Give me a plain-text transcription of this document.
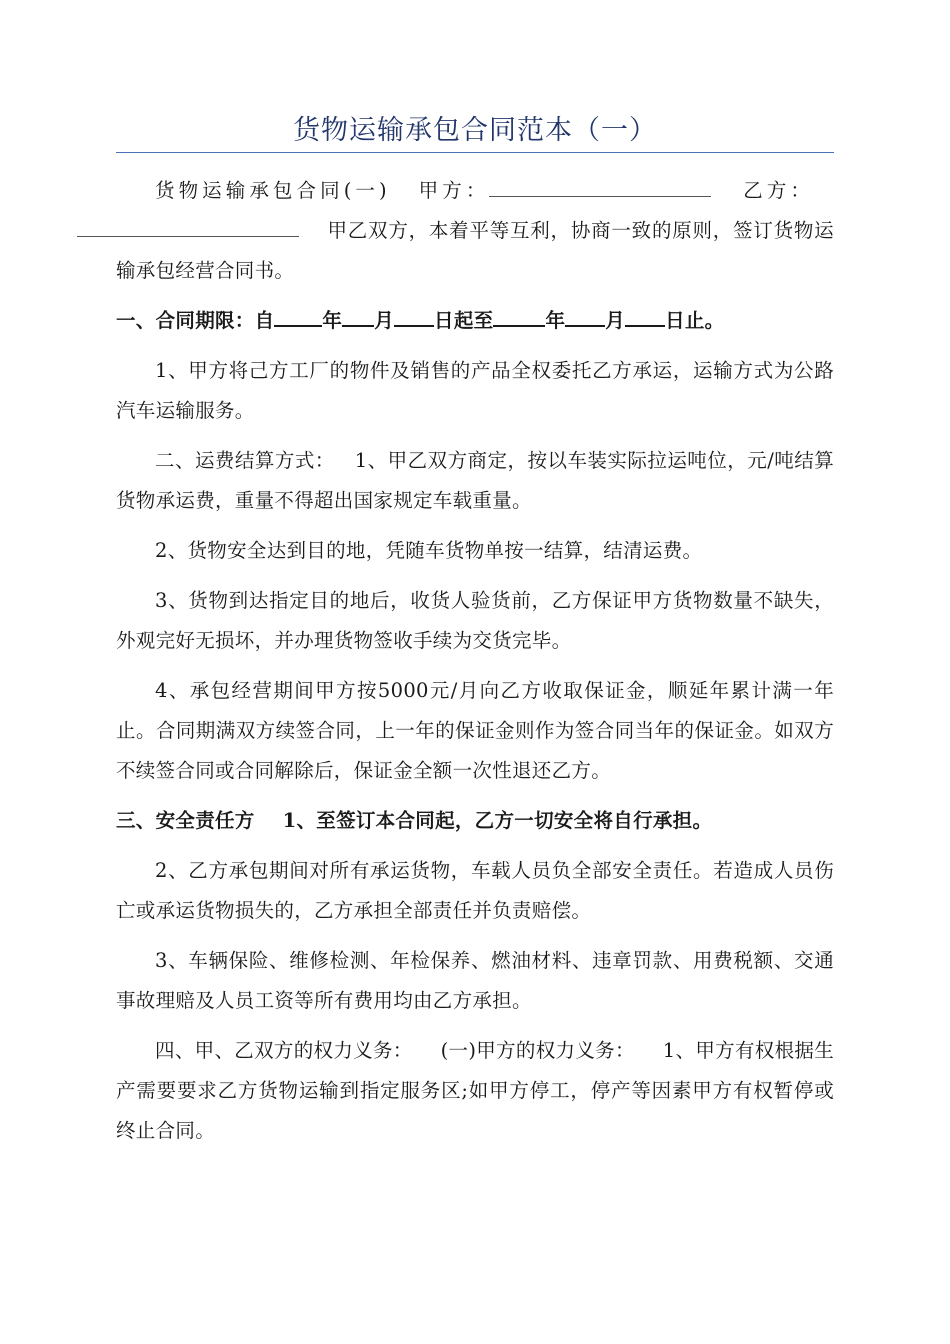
货物运输承包合同范本（一）

货物运输承包合同(一) 甲方：	乙方：甲乙双方，本着平等互利，协商一致的原则，签订货物运输承包经营合同书。

一、合同期限：自 年 月 日起至	年 月 日止。

1、甲方将己方工厂的物件及销售的产品全权委托乙方承运，运输方式为公路汽车运输服务。

二、运费结算方式： 1、甲乙双方商定，按以车装实际拉运吨位，元/吨结算货物承运费，重量不得超出国家规定车载重量。

2、货物安全达到目的地，凭随车货物单按一结算，结清运费。

3、货物到达指定目的地后，收货人验货前，乙方保证甲方货物数量不缺失，外观完好无损坏，并办理货物签收手续为交货完毕。

4、承包经营期间甲方按5000元/月向乙方收取保证金，顺延年累计满一年止。合同期满双方续签合同，上一年的保证金则作为签合同当年的保证金。如双方不续签合同或合同解除后，保证金全额一次性退还乙方。

三、安全责任方 1、至签订本合同起，乙方一切安全将自行承担。

2、乙方承包期间对所有承运货物，车载人员负全部安全责任。若造成人员伤亡或承运货物损失的，乙方承担全部责任并负责赔偿。

3、车辆保险、维修检测、年检保养、燃油材料、违章罚款、用费税额、交通事故理赔及人员工资等所有费用均由乙方承担。

四、甲、乙双方的权力义务： (一)甲方的权力义务： 1、甲方有权根据生产需要要求乙方货物运输到指定服务区;如甲方停工，停产等因素甲方有权暂停或终止合同。
